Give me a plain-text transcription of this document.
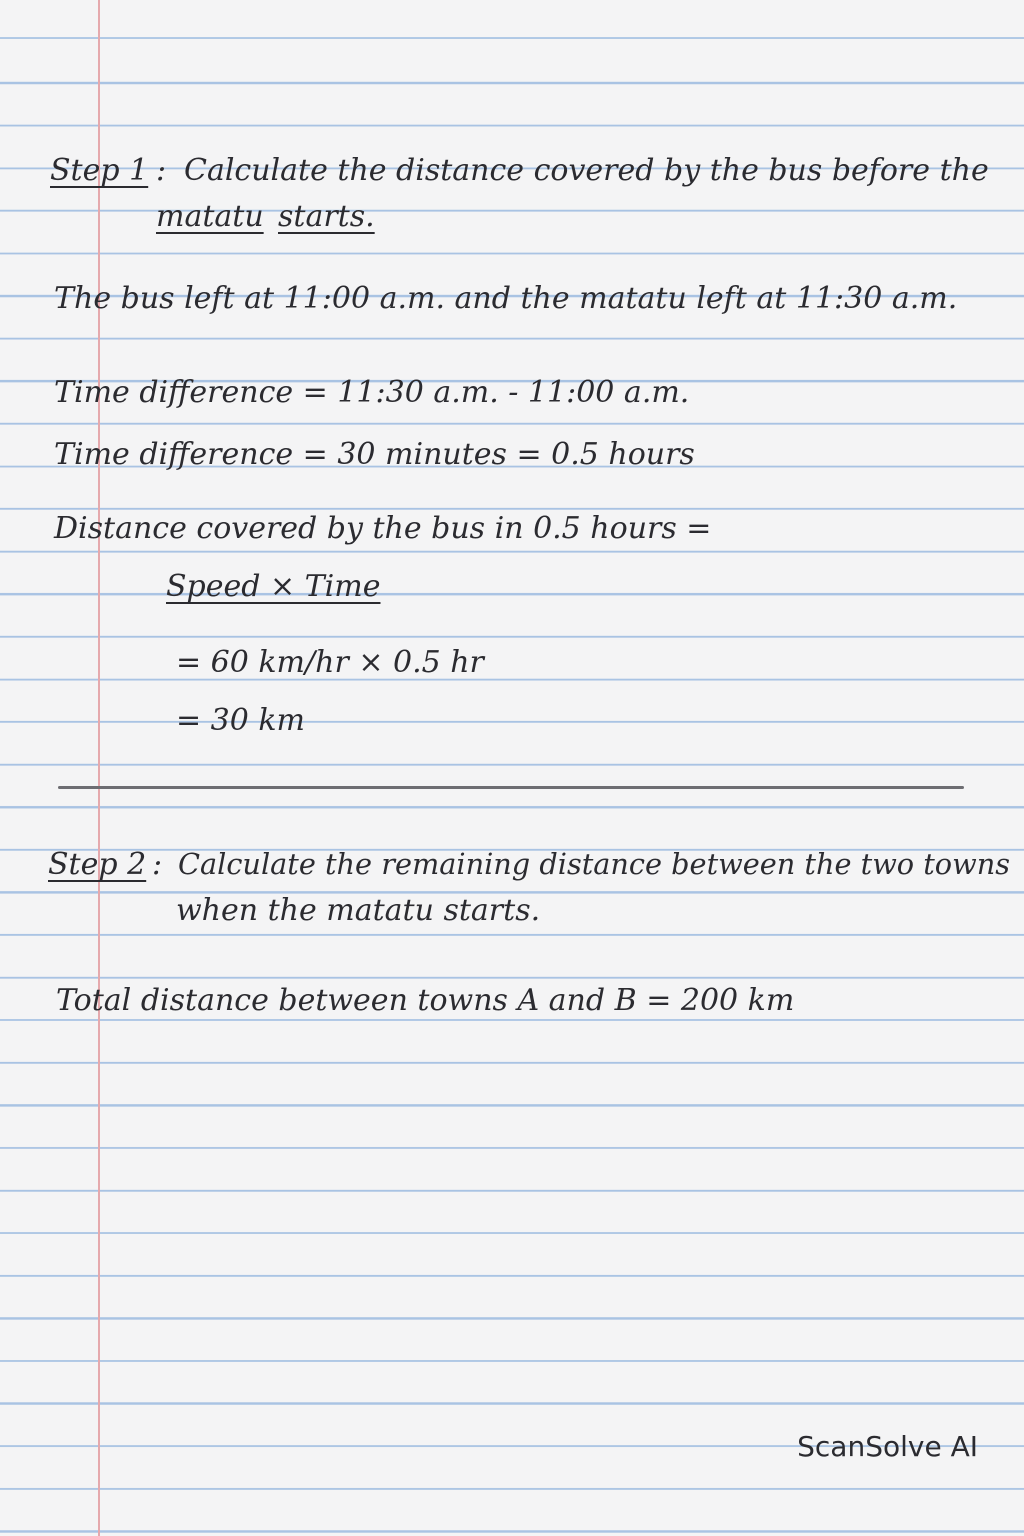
Step 1 : Calculate the distance covered by the bus before the
matatu starts.
The bus left at 11:00 a.m. and the matatu left at 11:30 a.m.
Time difference = 11:30 a.m. - 11:00 a.m.
Time difference = 30 minutes = 0.5 hours
Distance covered by the bus in 0.5 hours =
Speed × Time
= 60 km/hr × 0.5 hr
= 30 km
Step 2 : Calculate the remaining distance between the two towns
when the matatu starts.
Total distance between towns A and B = 200 km
ScanSolve AI
